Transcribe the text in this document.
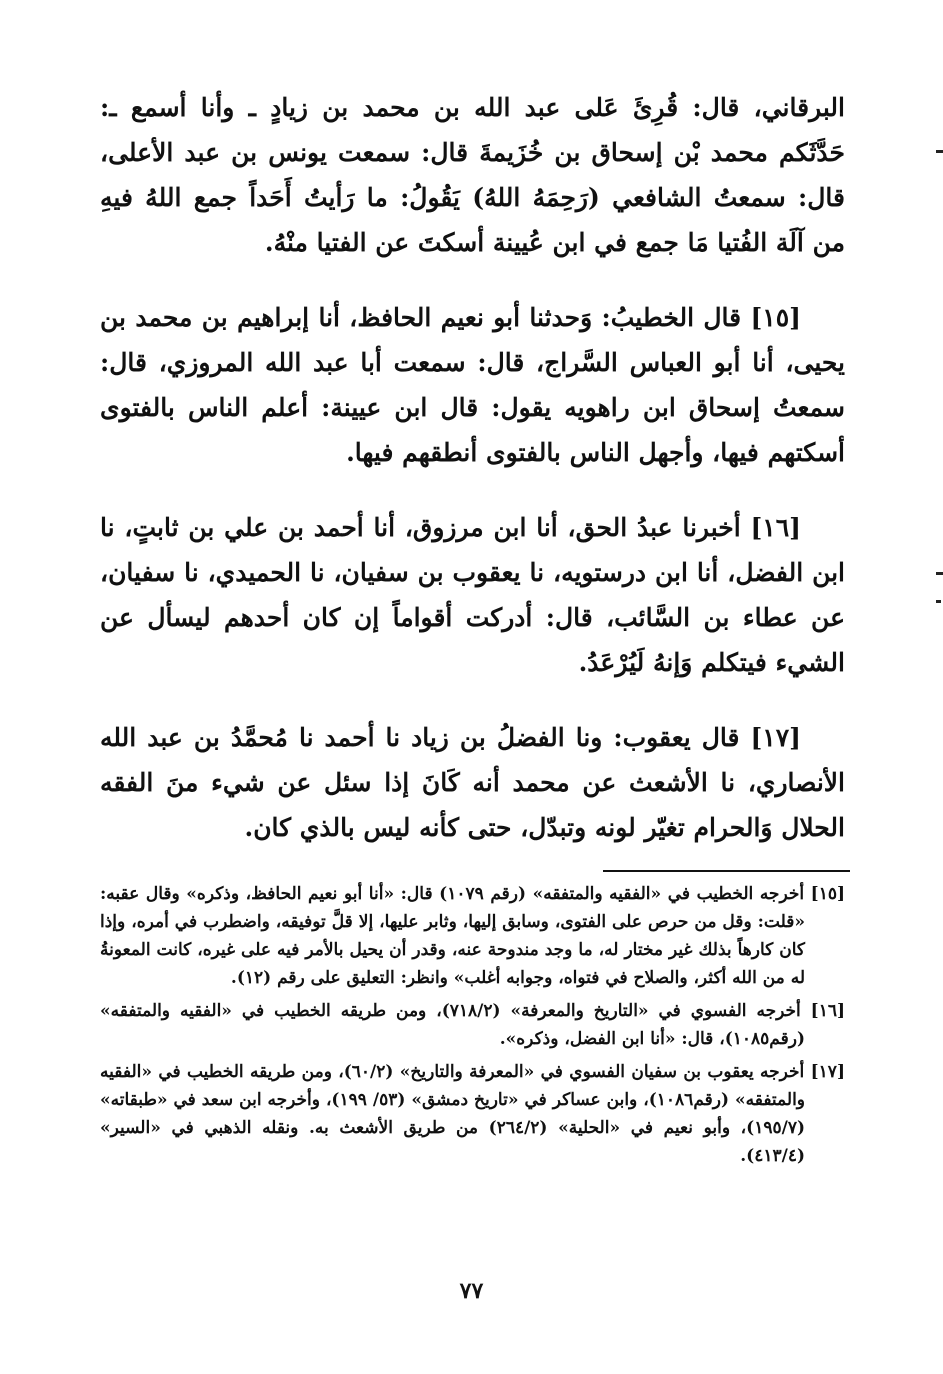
البرقاني، قال: قُرِئَ عَلى عبد الله بن محمد بن زيادٍ ـ وأنا أسمع ـ: حَدَّثَكم محمد بْن إسحاق بن خُزَيمةَ قال: سمعت يونس بن عبد الأعلى، قال: سمعتُ الشافعي (رَحِمَهُ اللهُ) يَقُولُ: ما رَأيتُ أَحَداً جمع اللهُ فيهِ من آلَة الفُتيا مَا جمع في ابن عُيينة أسكتَ عن الفتيا منْهُ.

[١٥] قال الخطيبُ: وَحدثنا أبو نعيم الحافظ، أنا إبراهيم بن محمد بن يحيى، أنا أبو العباس السَّراج، قال: سمعت أبا عبد الله المروزي، قال: سمعتُ إسحاق ابن راهويه يقول: قال ابن عيينة: أعلم الناس بالفتوى أسكتهم فيها، وأجهل الناس بالفتوى أنطقهم فيها.

[١٦] أخبرنا عبدُ الحق، أنا ابن مرزوق، أنا أحمد بن علي بن ثابتٍ، نا ابن الفضل، أنا ابن درستويه، نا يعقوب بن سفيان، نا الحميدي، نا سفيان، عن عطاء بن السَّائب، قال: أدركت أقواماً إن كان أحدهم ليسأل عن الشيء فيتكلم وَإنهُ لَيُرْعَدُ.

[١٧] قال يعقوب: ونا الفضلُ بن زياد نا أحمد نا مُحمَّدُ بن عبد الله الأنصاري، نا الأشعث عن محمد أنه كَانَ إذا سئل عن شيء منَ الفقه الحلال وَالحرام تغيّر لونه وتبدّل، حتى كأنه ليس بالذي كان.

[١٥] أخرجه الخطيب في «الفقيه والمتفقه» (رقم ١٠٧٩) قال: «أنا أبو نعيم الحافظ، وذكره» وقال عقبه: «قلت: وقل من حرص على الفتوى، وسابق إليها، وثابر عليها، إلا قلَّ توفيقه، واضطرب في أمره، وإذا كان كارهاً بذلك غير مختار له، ما وجد مندوحة عنه، وقدر أن يحيل بالأمر فيه على غيره، كانت المعونةُ له من الله أكثر، والصلاح في فتواه، وجوابه أغلب» وانظر: التعليق على رقم (١٢).

[١٦] أخرجه الفسوي في «التاريخ والمعرفة» (٧١٨/٢)، ومن طريقه الخطيب في «الفقيه والمتفقه» (رقم١٠٨٥)، قال: «أنا ابن الفضل، وذكره».

[١٧] أخرجه يعقوب بن سفيان الفسوي في «المعرفة والتاريخ» (٦٠/٢)، ومن طريقه الخطيب في «الفقيه والمتفقه» (رقم١٠٨٦)، وابن عساكر في «تاريخ دمشق» (٥٣/ ١٩٩)، وأخرجه ابن سعد في «طبقاته» (١٩٥/٧)، وأبو نعيم في «الحلية» (٢٦٤/٢) من طريق الأشعث به. ونقله الذهبي في «السير» (٤١٣/٤).

٧٧
